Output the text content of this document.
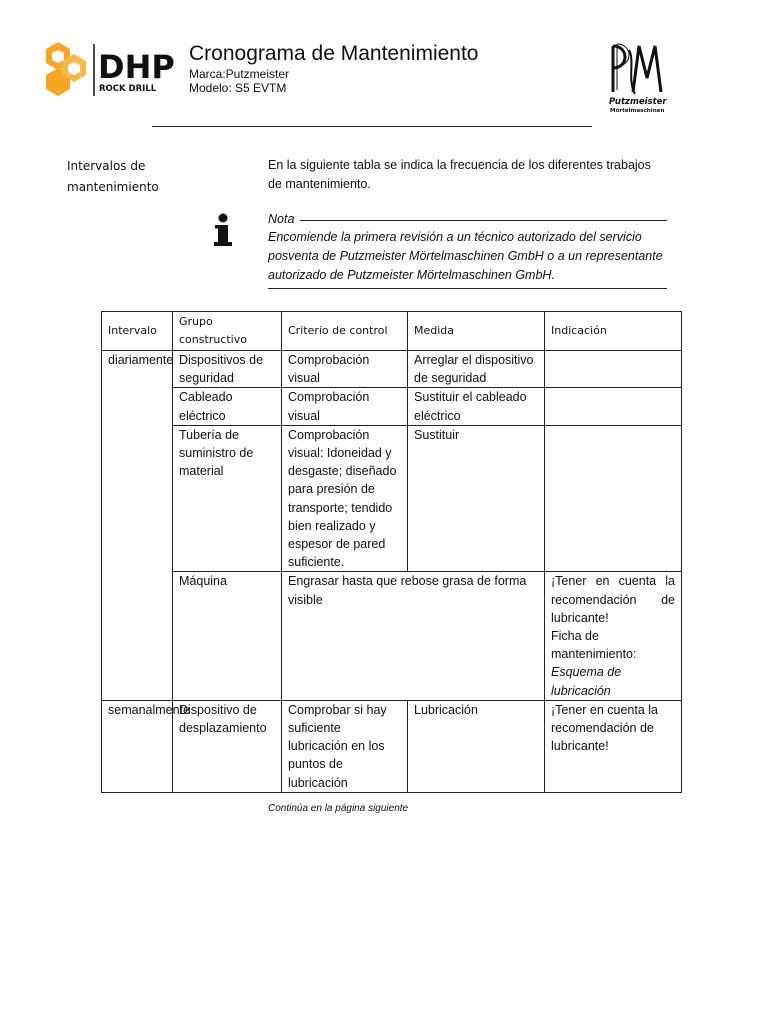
DHP
ROCK DRILL
Cronograma de Mantenimiento
Marca:Putzmeister
Modelo: S5 EVTM
Putzmeister
Mörtelmaschinen
Intervalos de
mantenimiento
En la siguiente tabla se indica la frecuencia de los diferentes trabajos de mantenimiento.
Nota
Encomiende la primera revisión a un técnico autorizado del servicio posventa de Putzmeister Mörtelmaschinen GmbH o a un representante autorizado de Putzmeister Mörtelmaschinen GmbH.
Intervalo	Grupo constructivo	Criterio de control	Medida	Indicación
diariamente	Dispositivos de seguridad	Comprobación visual	Arreglar el dispositivo de seguridad	
	Cableado eléctrico	Comprobación visual	Sustituir el cableado eléctrico	
	Tubería de suministro de material	Comprobación visual: Idoneidad y desgaste; diseñado para presión de transporte; tendido bien realizado y espesor de pared suficiente.	Sustituir	
	Máquina	Engrasar hasta que rebose grasa de forma visible		¡Tener en cuenta la recomendación de lubricante!
Ficha de mantenimiento: Esquema de lubricación

semanalmente	Dispositivo de desplazamiento	Comprobar si hay suficiente lubricación en los puntos de lubricación	Lubricación	¡Tener en cuenta la recomendación de lubricante!
Continúa en la página siguiente
